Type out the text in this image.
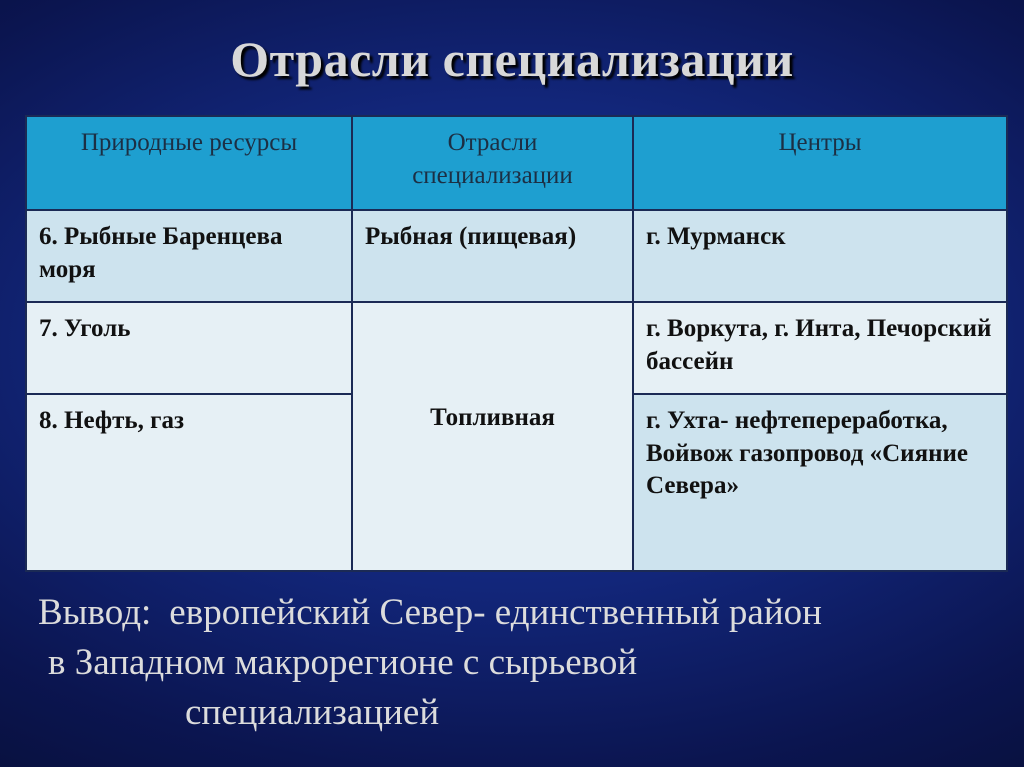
Отрасли специализации
Природные ресурсы	Отрасли специализации	Центры
6. Рыбные Баренцева моря	Рыбная (пищевая)	г. Мурманск
7. Уголь	Топливная	г. Воркута, г. Инта, Печорский бассейн
8. Нефть, газ		г. Ухта- нефтепереработка, Войвож газопровод «Сияние Севера»
Вывод: европейский Север- единственный район
в Западном макрорегионе с сырьевой
специализацией
